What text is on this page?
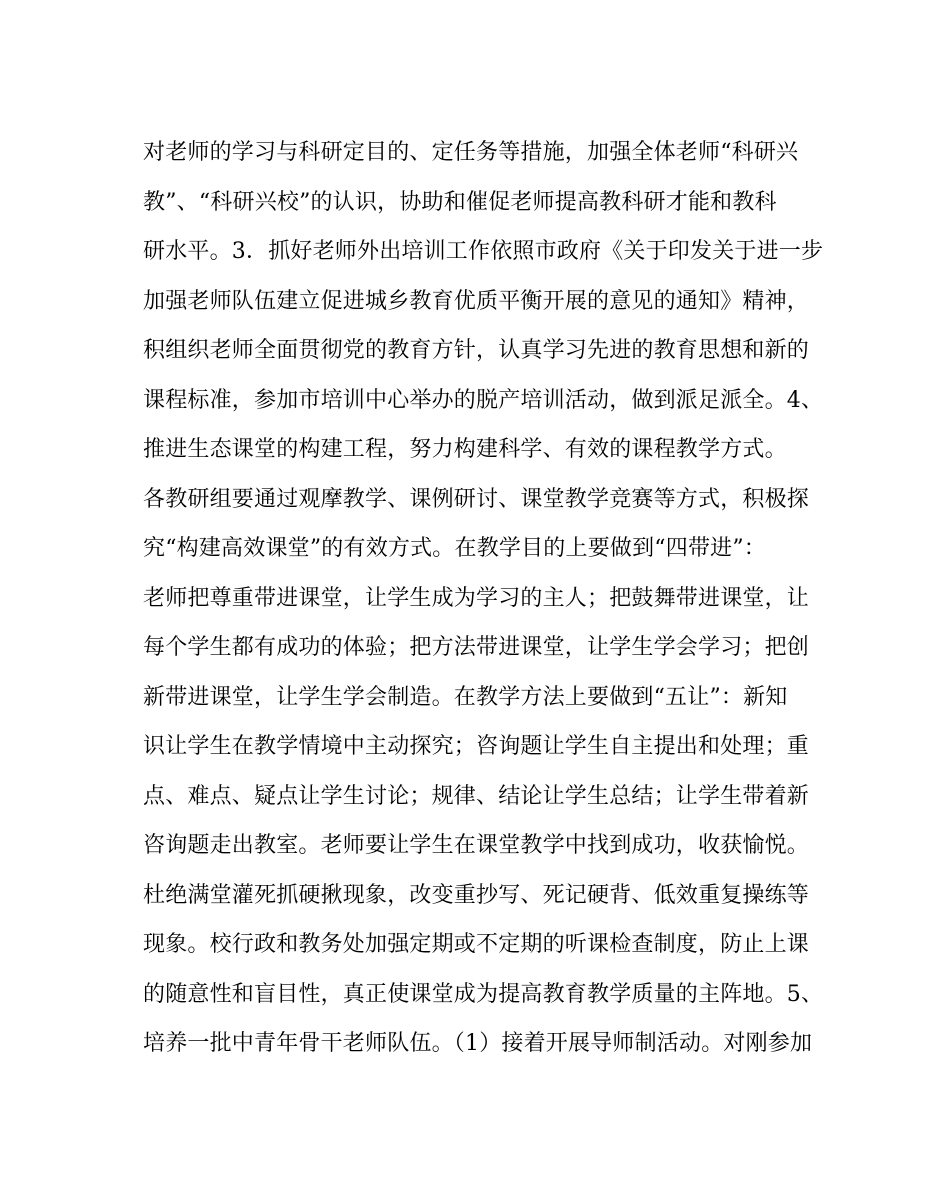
对老师的学习与科研定目的、定任务等措施，加强全体老师“科研兴
教”、“科研兴校”的认识，协助和催促老师提高教科研才能和教科
研水平。3．抓好老师外出培训工作依照市政府《关于印发关于进一步
加强老师队伍建立促进城乡教育优质平衡开展的意见的通知》精神，
积组织老师全面贯彻党的教育方针，认真学习先进的教育思想和新的
课程标准，参加市培训中心举办的脱产培训活动，做到派足派全。4、
推进生态课堂的构建工程，努力构建科学、有效的课程教学方式。
各教研组要通过观摩教学、课例研讨、课堂教学竞赛等方式，积极探
究“构建高效课堂”的有效方式。在教学目的上要做到“四带进”：
老师把尊重带进课堂，让学生成为学习的主人；把鼓舞带进课堂，让
每个学生都有成功的体验；把方法带进课堂，让学生学会学习；把创
新带进课堂，让学生学会制造。在教学方法上要做到“五让”：新知
识让学生在教学情境中主动探究；咨询题让学生自主提出和处理；重
点、难点、疑点让学生讨论；规律、结论让学生总结；让学生带着新
咨询题走出教室。老师要让学生在课堂教学中找到成功，收获愉悦。
杜绝满堂灌死抓硬揪现象，改变重抄写、死记硬背、低效重复操练等
现象。校行政和教务处加强定期或不定期的听课检查制度，防止上课
的随意性和盲目性，真正使课堂成为提高教育教学质量的主阵地。5、
培养一批中青年骨干老师队伍。（1）接着开展导师制活动。对刚参加
